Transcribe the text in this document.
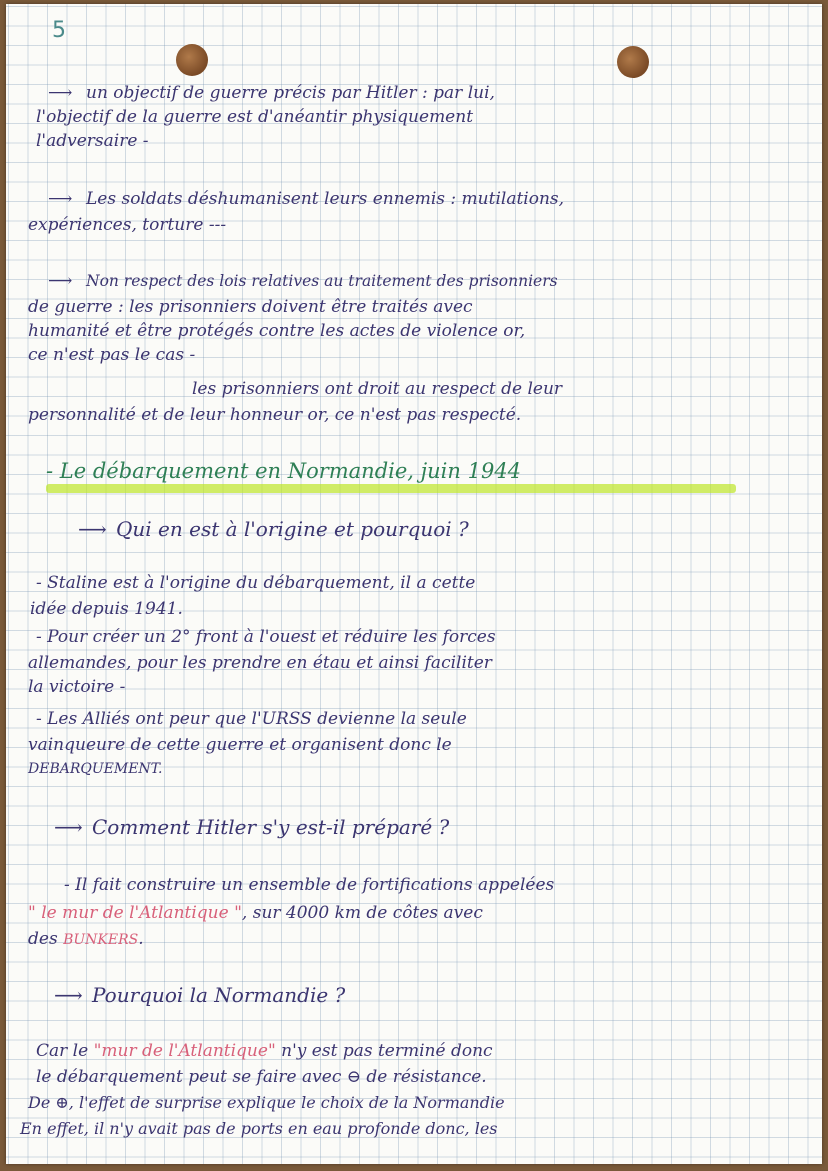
5
⟶ un objectif de guerre précis par Hitler : par lui,
l'objectif de la guerre est d'anéantir physiquement
l'adversaire -
⟶ Les soldats déshumanisent leurs ennemis : mutilations,
expériences, torture ---
⟶ Non respect des lois relatives au traitement des prisonniers
de guerre : les prisonniers doivent être traités avec
humanité et être protégés contre les actes de violence or,
ce n'est pas le cas -
les prisonniers ont droit au respect de leur
personnalité et de leur honneur or, ce n'est pas respecté.
- Le débarquement en Normandie, juin 1944
⟶ Qui en est à l'origine et pourquoi ?
- Staline est à l'origine du débarquement, il a cette
idée depuis 1941.
- Pour créer un 2° front à l'ouest et réduire les forces
allemandes, pour les prendre en étau et ainsi faciliter
la victoire -
- Les Alliés ont peur que l'URSS devienne la seule
vainqueure de cette guerre et organisent donc le
DEBARQUEMENT.
⟶ Comment Hitler s'y est-il préparé ?
- Il fait construire un ensemble de fortifications appelées
" le mur de l'Atlantique ", sur 4000 km de côtes avec
des BUNKERS.
⟶ Pourquoi la Normandie ?
Car le "mur de l'Atlantique" n'y est pas terminé donc
le débarquement peut se faire avec ⊖ de résistance.
De ⊕, l'effet de surprise explique le choix de la Normandie
En effet, il n'y avait pas de ports en eau profonde donc, les
